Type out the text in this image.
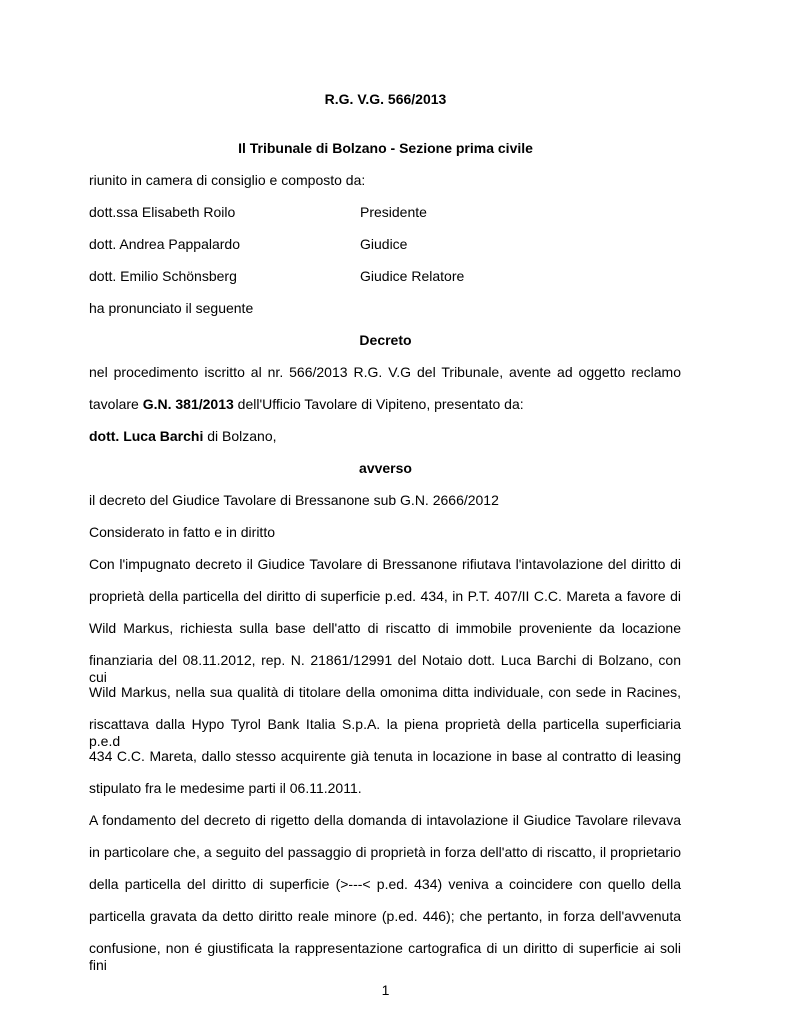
R.G. V.G. 566/2013
Il Tribunale di Bolzano - Sezione prima civile
riunito in camera di consiglio e composto da:
dott.ssa Elisabeth Roilo	Presidente
dott. Andrea Pappalardo	Giudice
dott. Emilio Schönsberg	Giudice Relatore
ha pronunciato il seguente
Decreto
nel procedimento iscritto al nr. 566/2013 R.G. V.G del Tribunale, avente ad oggetto reclamo
tavolare G.N. 381/2013 dell'Ufficio Tavolare di Vipiteno, presentato da:
dott. Luca Barchi di Bolzano,
avverso
il decreto del Giudice Tavolare di Bressanone sub G.N. 2666/2012
Considerato in fatto e in diritto
Con l'impugnato decreto il Giudice Tavolare di Bressanone rifiutava l'intavolazione del diritto di
proprietà della particella del diritto di superficie p.ed. 434, in P.T. 407/II C.C. Mareta a favore di
Wild Markus, richiesta sulla base dell'atto di riscatto di immobile proveniente da locazione
finanziaria del 08.11.2012, rep. N. 21861/12991 del Notaio dott. Luca Barchi di Bolzano, con cui
Wild Markus, nella sua qualità di titolare della omonima ditta individuale, con sede in Racines,
riscattava dalla Hypo Tyrol Bank Italia S.p.A. la piena proprietà della particella superficiaria p.e.d
434 C.C. Mareta, dallo stesso acquirente già tenuta in locazione in base al contratto di leasing
stipulato fra le medesime parti il 06.11.2011.
A fondamento del decreto di rigetto della domanda di intavolazione il Giudice Tavolare rilevava
in particolare che, a seguito del passaggio di proprietà in forza dell'atto di riscatto, il proprietario
della particella del diritto di superficie (>---< p.ed. 434) veniva a coincidere con quello della
particella gravata da detto diritto reale minore (p.ed. 446); che pertanto, in forza dell'avvenuta
confusione, non é giustificata la rappresentazione cartografica di un diritto di superficie ai soli fini
1
